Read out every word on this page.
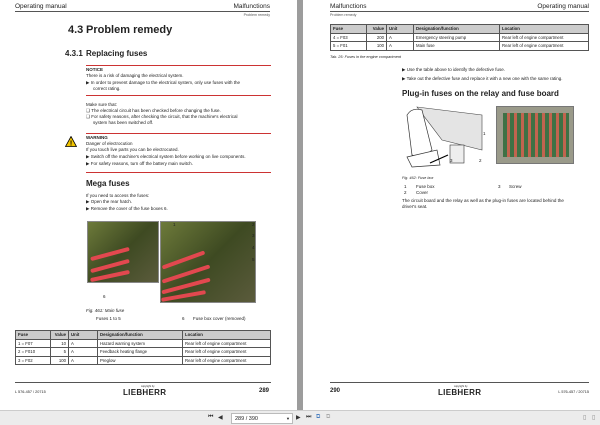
Operating manual	Malfunctions
Problem remedy
4.3 Problem remedy
4.3.1 Replacing fuses
NOTICE
There is a risk of damaging the electrical system.
▶ In order to prevent damage to the electrical system, only use fuses with the
correct rating.
Make sure that:
❑ The electrical circuit has been checked before changing the fuse.
❑ For safety reasons, after checking the circuit, that the machine's electrical
system has been switched off.
!
WARNING
Danger of electrocution
If you touch live parts you can be electrocuted.
▶ Switch off the machine's electrical system before working on live components.
▶ For safety reasons, turn off the battery main switch.
Mega fuses
If you need to access the fuses:
▶ Open the rear hatch.
▶ Remove the cover of the fuse boxes 6.
1	2
3
4
5
6
Fig. 461: Main fuse
Fuses 1 to 5	6 Fuse box cover (removed)
Fuse	Value	Unit	Designation/function	Location
1 = F07	10	A	Hazard warning system	Rear left of engine compartment
2 = F010	5	A	Feedback heating flange	Rear left of engine compartment
3 = F02	100	A	Preglow	Rear left of engine compartment
L 576-457 / 20715
copyright by
LIEBHERR	289
Malfunctions	Operating manual
Problem remedy
Fuse	Value	Unit	Designation/function	Location
4 = F03	200	A	Emergency steering pump	Rear left of engine compartment
5 = F01	100	A	Main fuse	Rear left of engine compartment
Tab. 25: Fuses in the engine compartment
▶ Use the table above to identify the defective fuse.
▶ Take out the defective fuse and replace it with a new one with the same rating.
Plug-in fuses on the relay and fuse board
3	2
1
Fig. 462: Fuse box
1 Fuse box
2 Cover
3 Screw
The circuit board and the relay as well as the plug-in fuses are located behind the
driver's seat.
290
copyright by
LIEBHERR	L 576-457 / 20715
⏮ ◀	289 / 390	▼ ▶ ⏭ ⧉ ⧉	▯ ▯
